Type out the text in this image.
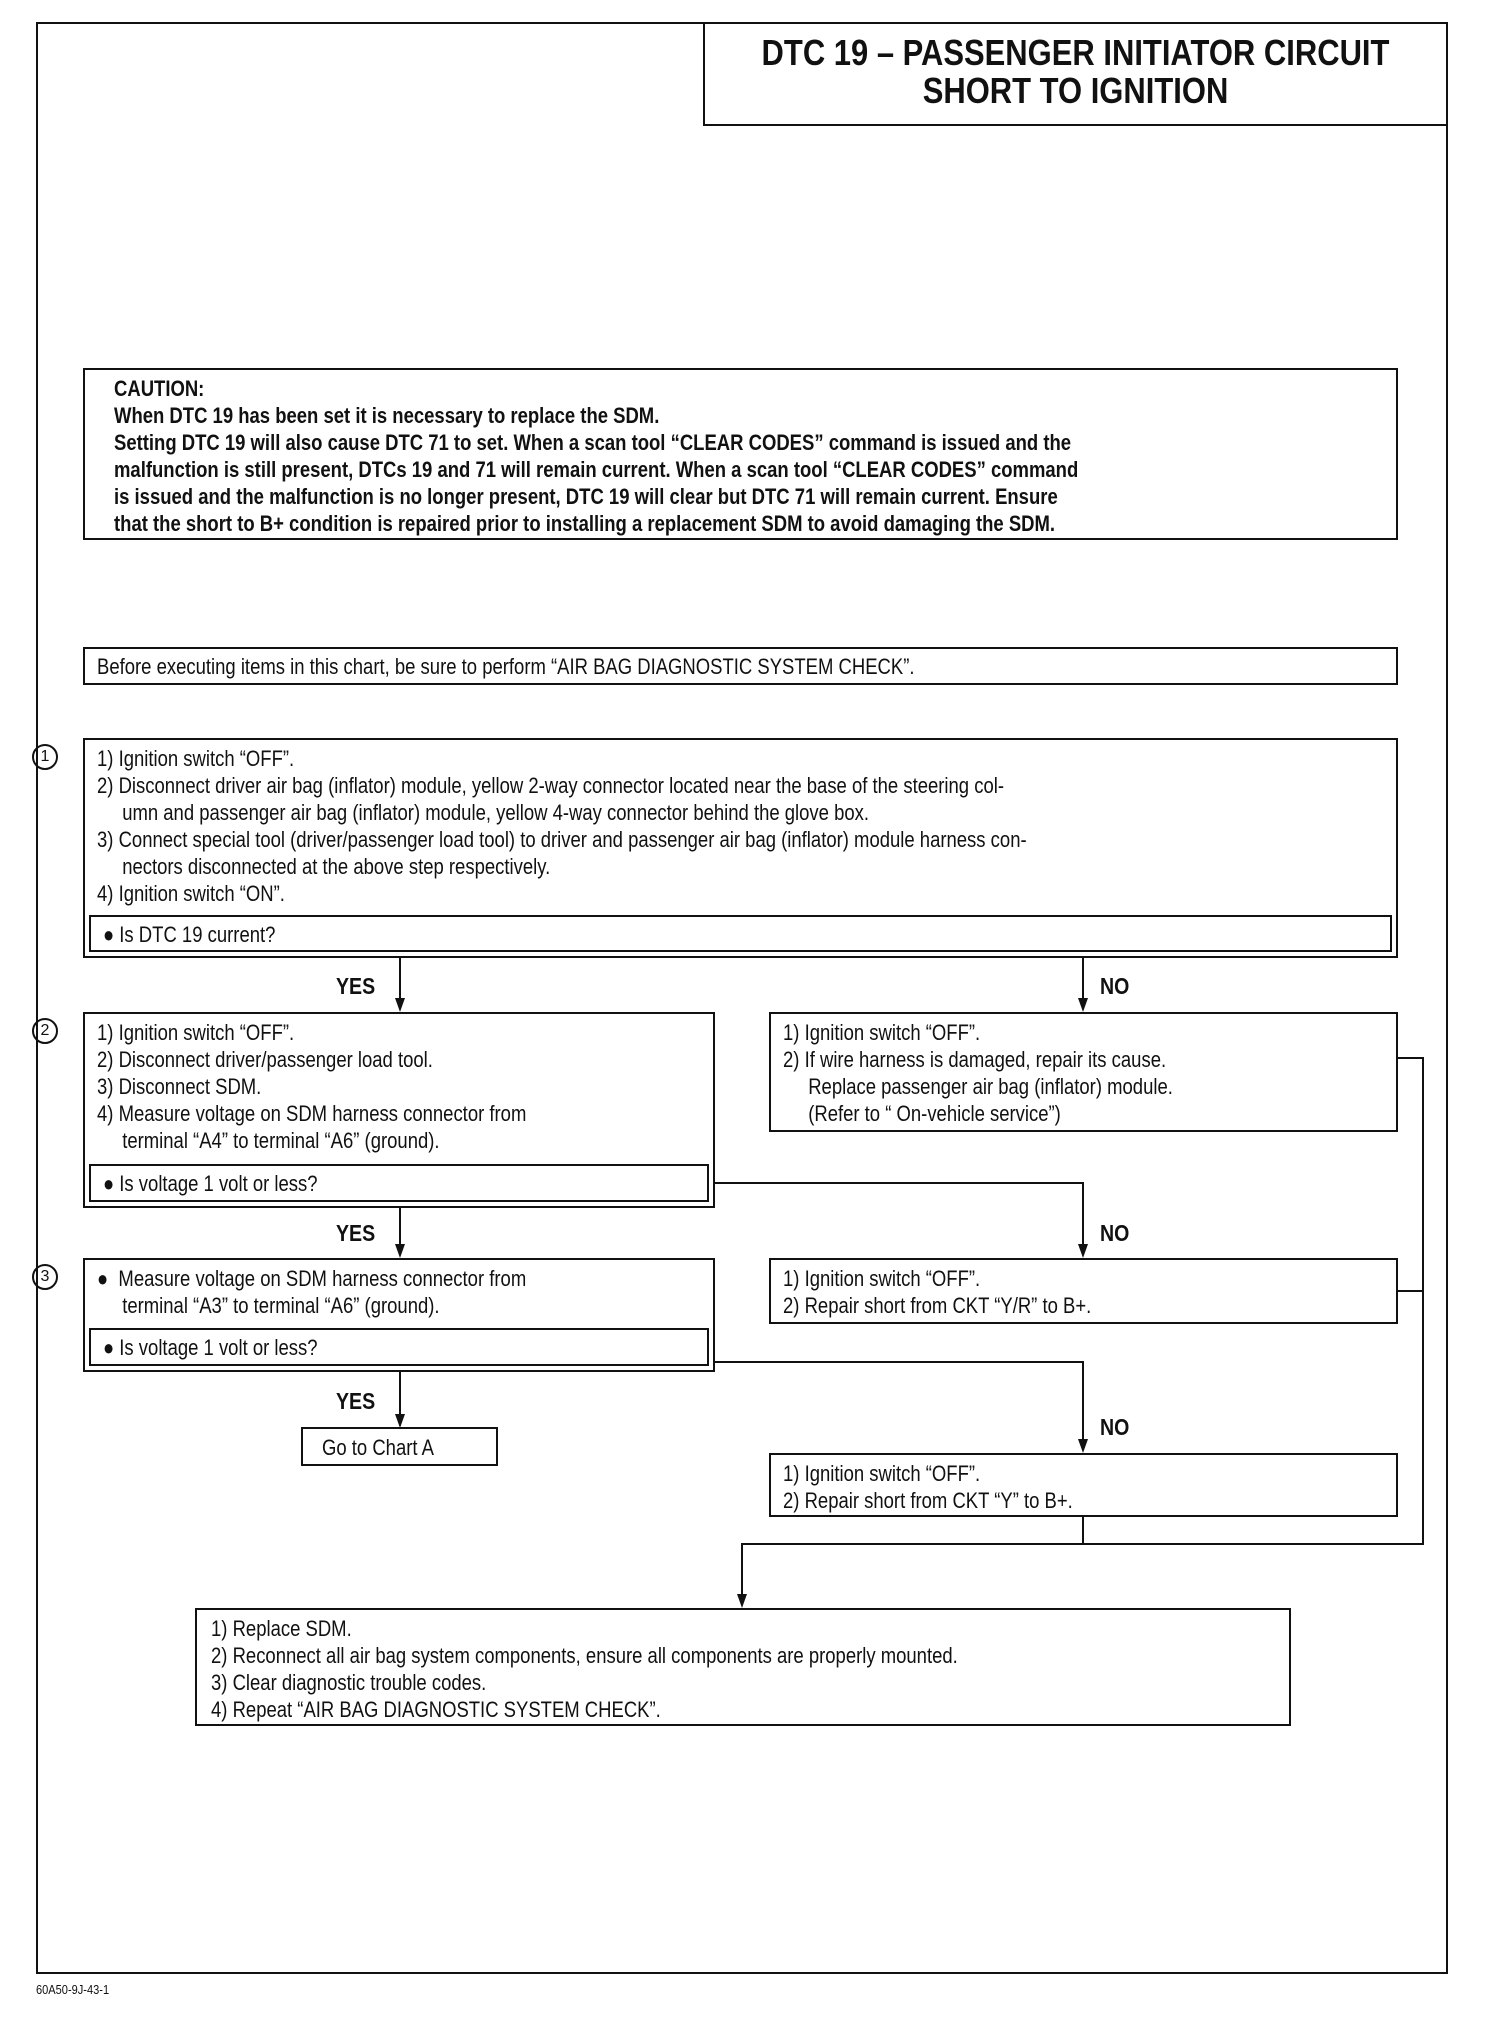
DTC 19 – PASSENGER INITIATOR CIRCUIT
SHORT TO IGNITION
CAUTION:
When DTC 19 has been set it is necessary to replace the SDM.
Setting DTC 19 will also cause DTC 71 to set. When a scan tool “CLEAR CODES” command is issued and the
malfunction is still present, DTCs 19 and 71 will remain current. When a scan tool “CLEAR CODES” command
is issued and the malfunction is no longer present, DTC 19 will clear but DTC 71 will remain current. Ensure
that the short to B+ condition is repaired prior to installing a replacement SDM to avoid damaging the SDM.
Before executing items in this chart, be sure to perform “AIR BAG DIAGNOSTIC SYSTEM CHECK”.
1	1) Ignition switch “OFF”.
2) Disconnect driver air bag (inflator) module, yellow 2-way connector located near the base of the steering col-
umn and passenger air bag (inflator) module, yellow 4-way connector behind the glove box.
3) Connect special tool (driver/passenger load tool) to driver and passenger air bag (inflator) module harness con-
nectors disconnected at the above step respectively.
4) Ignition switch “ON”.
● Is DTC 19 current?
YES	NO
2	1) Ignition switch “OFF”.
2) Disconnect driver/passenger load tool.
3) Disconnect SDM.
4) Measure voltage on SDM harness connector from
terminal “A4” to terminal “A6” (ground).
● Is voltage 1 volt or less?
1) Ignition switch “OFF”.
2) If wire harness is damaged, repair its cause.
Replace passenger air bag (inflator) module.
(Refer to “ On-vehicle service”)
YES	NO
3	●  Measure voltage on SDM harness connector from
terminal “A3” to terminal “A6” (ground).
● Is voltage 1 volt or less?
1) Ignition switch “OFF”.
2) Repair short from CKT “Y/R” to B+.
YES
NO
Go to Chart A
1) Ignition switch “OFF”.
2) Repair short from CKT “Y” to B+.
1) Replace SDM.
2) Reconnect all air bag system components, ensure all components are properly mounted.
3) Clear diagnostic trouble codes.
4) Repeat “AIR BAG DIAGNOSTIC SYSTEM CHECK”.
60A50-9J-43-1
